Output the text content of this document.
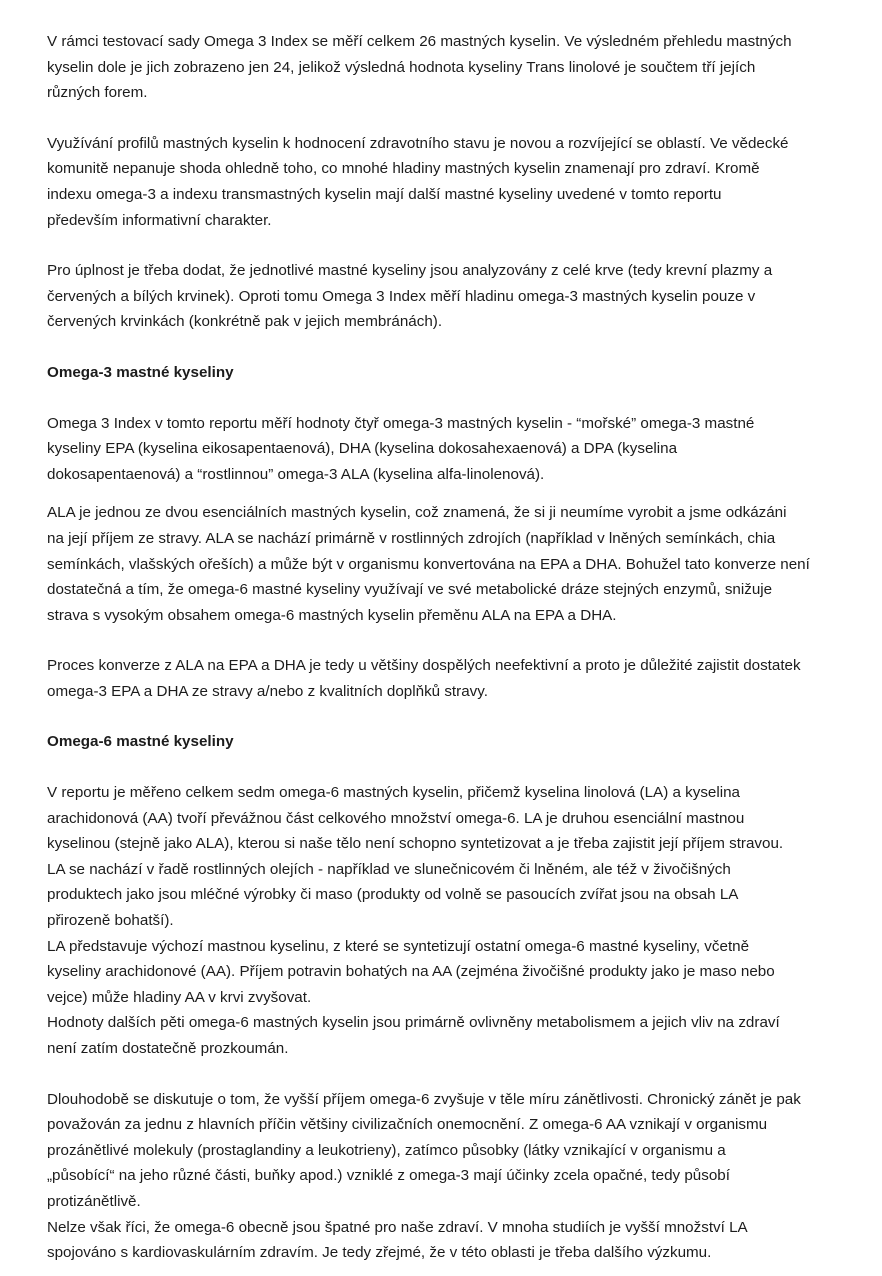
V rámci testovací sady Omega 3 Index se měří celkem 26 mastných kyselin. Ve výsledném přehledu mastných
kyselin dole je jich zobrazeno jen 24, jelikož výsledná hodnota kyseliny Trans linolové je součtem tří jejích
různých forem.

Využívání profilů mastných kyselin k hodnocení zdravotního stavu je novou a rozvíjející se oblastí. Ve vědecké
komunitě nepanuje shoda ohledně toho, co mnohé hladiny mastných kyselin znamenají pro zdraví. Kromě
indexu omega-3 a indexu transmastných kyselin mají další mastné kyseliny uvedené v tomto reportu
především informativní charakter.

Pro úplnost je třeba dodat, že jednotlivé mastné kyseliny jsou analyzovány z celé krve (tedy krevní plazmy a
červených a bílých krvinek). Oproti tomu Omega 3 Index měří hladinu omega-3 mastných kyselin pouze v
červených krvinkách (konkrétně pak v jejich membránách).

Omega-3 mastné kyseliny

Omega 3 Index v tomto reportu měří hodnoty čtyř omega-3 mastných kyselin - “mořské” omega-3 mastné
kyseliny EPA (kyselina eikosapentaenová), DHA (kyselina dokosahexaenová) a DPA (kyselina
dokosapentaenová) a “rostlinnou” omega-3 ALA (kyselina alfa-linolenová).

ALA je jednou ze dvou esenciálních mastných kyselin, což znamená, že si ji neumíme vyrobit a jsme odkázáni
na její příjem ze stravy. ALA se nachází primárně v rostlinných zdrojích (například v lněných semínkách, chia
semínkách, vlašských ořeších) a může být v organismu konvertována na EPA a DHA. Bohužel tato konverze není
dostatečná a tím, že omega-6 mastné kyseliny využívají ve své metabolické dráze stejných enzymů, snižuje
strava s vysokým obsahem omega-6 mastných kyselin přeměnu ALA na EPA a DHA.

Proces konverze z ALA na EPA a DHA je tedy u většiny dospělých neefektivní a proto je důležité zajistit dostatek
omega-3 EPA a DHA ze stravy a/nebo z kvalitních doplňků stravy.

Omega-6 mastné kyseliny

V reportu je měřeno celkem sedm omega-6 mastných kyselin, přičemž kyselina linolová (LA) a kyselina
arachidonová (AA) tvoří převážnou část celkového množství omega-6. LA je druhou esenciální mastnou
kyselinou (stejně jako ALA), kterou si naše tělo není schopno syntetizovat a je třeba zajistit její příjem stravou.
LA se nachází v řadě rostlinných olejích - například ve slunečnicovém či lněném, ale též v živočišných
produktech jako jsou mléčné výrobky či maso (produkty od volně se pasoucích zvířat jsou na obsah LA
přirozeně bohatší).
LA představuje výchozí mastnou kyselinu, z které se syntetizují ostatní omega-6 mastné kyseliny, včetně
kyseliny arachidonové (AA). Příjem potravin bohatých na AA (zejména živočišné produkty jako je maso nebo
vejce) může hladiny AA v krvi zvyšovat.
Hodnoty dalších pěti omega-6 mastných kyselin jsou primárně ovlivněny metabolismem a jejich vliv na zdraví
není zatím dostatečně prozkoumán.

Dlouhodobě se diskutuje o tom, že vyšší příjem omega-6 zvyšuje v těle míru zánětlivosti. Chronický zánět je pak
považován za jednu z hlavních příčin většiny civilizačních onemocnění. Z omega-6 AA vznikají v organismu
prozánětlivé molekuly (prostaglandiny a leukotrieny), zatímco působky (látky vznikající v organismu a
„působící“ na jeho různé části, buňky apod.) vzniklé z omega-3 mají účinky zcela opačné, tedy působí
protizánětlivě.
Nelze však říci, že omega-6 obecně jsou špatné pro naše zdraví. V mnoha studiích je vyšší množství LA
spojováno s kardiovaskulárním zdravím. Je tedy zřejmé, že v této oblasti je třeba dalšího výzkumu.
